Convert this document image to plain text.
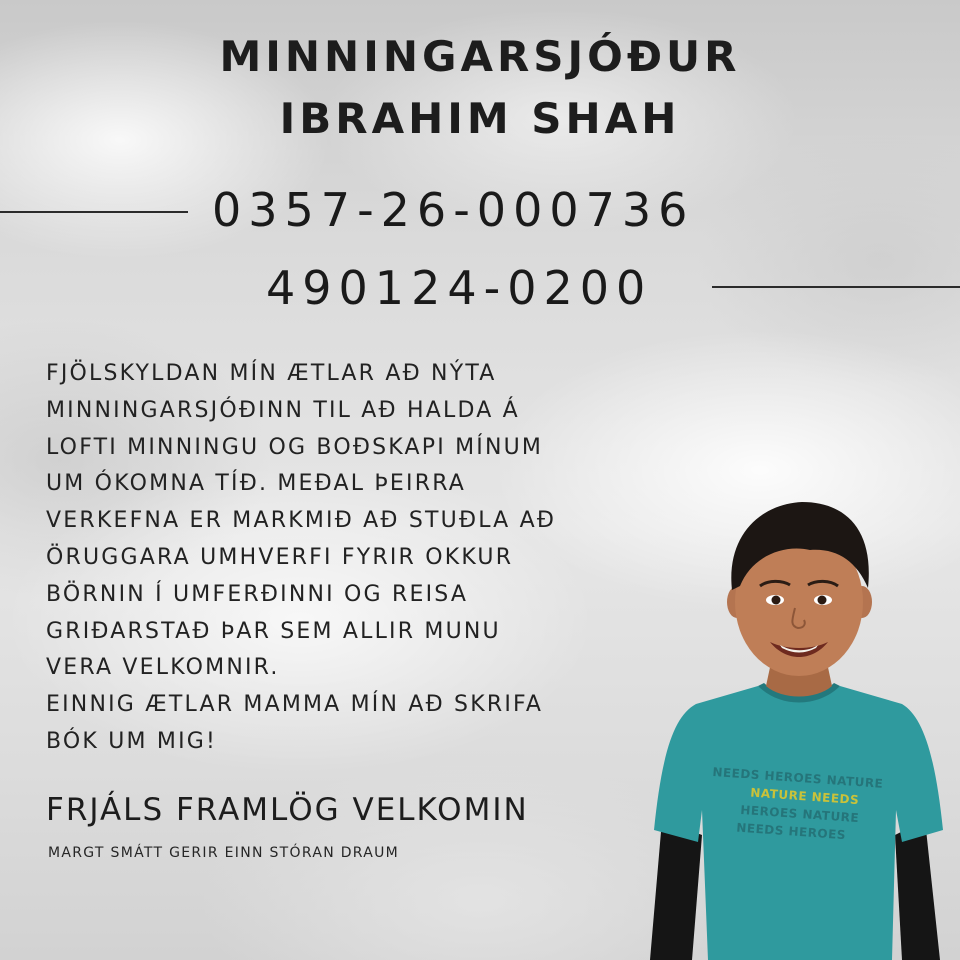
MINNINGARSJÓÐUR
IBRAHIM SHAH
0357-26-000736
490124-0200
FJÖLSKYLDAN MÍN ÆTLAR AÐ NÝTA
MINNINGARSJÓÐINN TIL AÐ HALDA Á
LOFTI MINNINGU OG BOÐSKAPI MÍNUM
UM ÓKOMNA TÍÐ. MEÐAL ÞEIRRA
VERKEFNA ER MARKMIÐ AÐ STUÐLA AÐ
ÖRUGGARA UMHVERFI FYRIR OKKUR
BÖRNIN Í UMFERÐINNI OG REISA
GRIÐARSTAÐ ÞAR SEM ALLIR MUNU
VERA VELKOMNIR.
EINNIG ÆTLAR MAMMA MÍN AÐ SKRIFA
BÓK UM MIG!
FRJÁLS FRAMLÖG VELKOMIN
MARGT SMÁTT GERIR EINN STÓRAN DRAUM
NEEDS HEROES NATURE
NATURE NEEDS
HEROES NATURE
NEEDS HEROES
